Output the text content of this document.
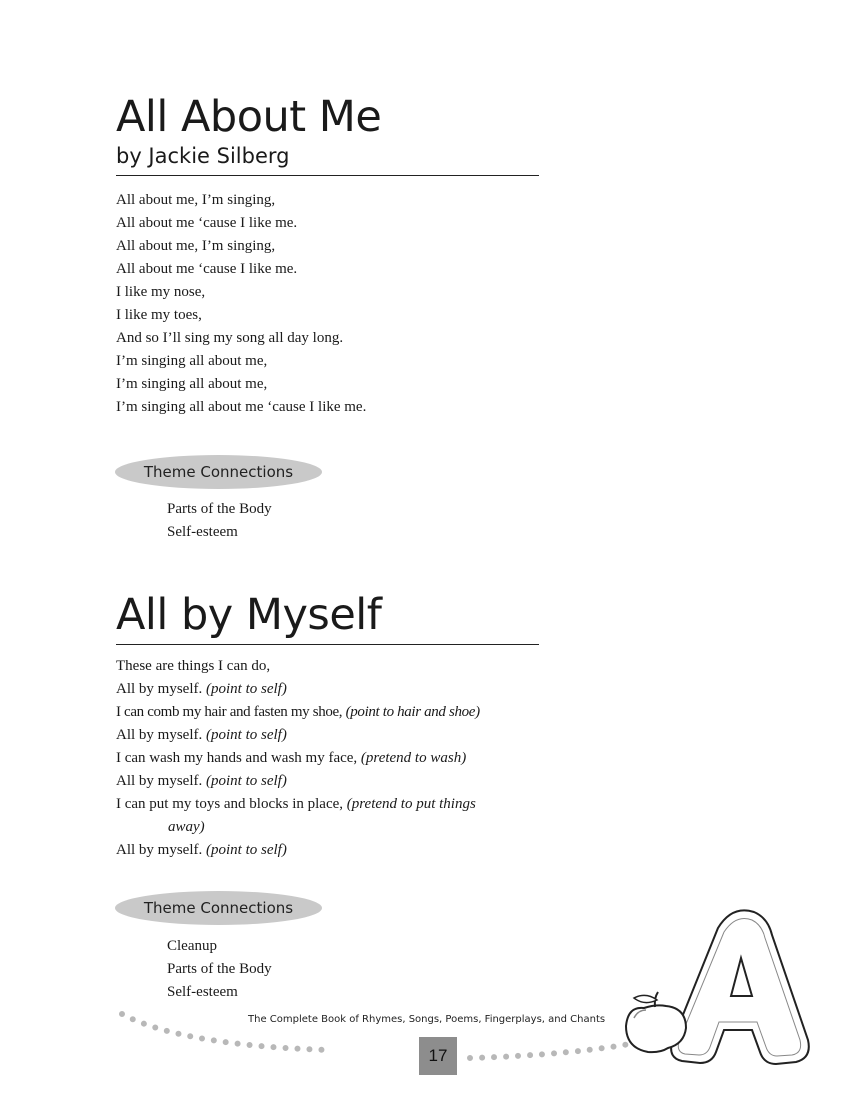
All About Me
by Jackie Silberg
All about me, I’m singing,
All about me ‘cause I like me.
All about me, I’m singing,
All about me ‘cause I like me.
I like my nose,
I like my toes,
And so I’ll sing my song all day long.
I’m singing all about me,
I’m singing all about me,
I’m singing all about me ‘cause I like me.
Theme Connections
Parts of the Body
Self-esteem
All by Myself
These are things I can do,
All by myself. (point to self)
I can comb my hair and fasten my shoe, (point to hair and shoe)
All by myself. (point to self)
I can wash my hands and wash my face, (pretend to wash)
All by myself. (point to self)
I can put my toys and blocks in place, (pretend to put things
away)
All by myself. (point to self)
Theme Connections
Cleanup
Parts of the Body
Self-esteem
The Complete Book of Rhymes, Songs, Poems, Fingerplays, and Chants
17
